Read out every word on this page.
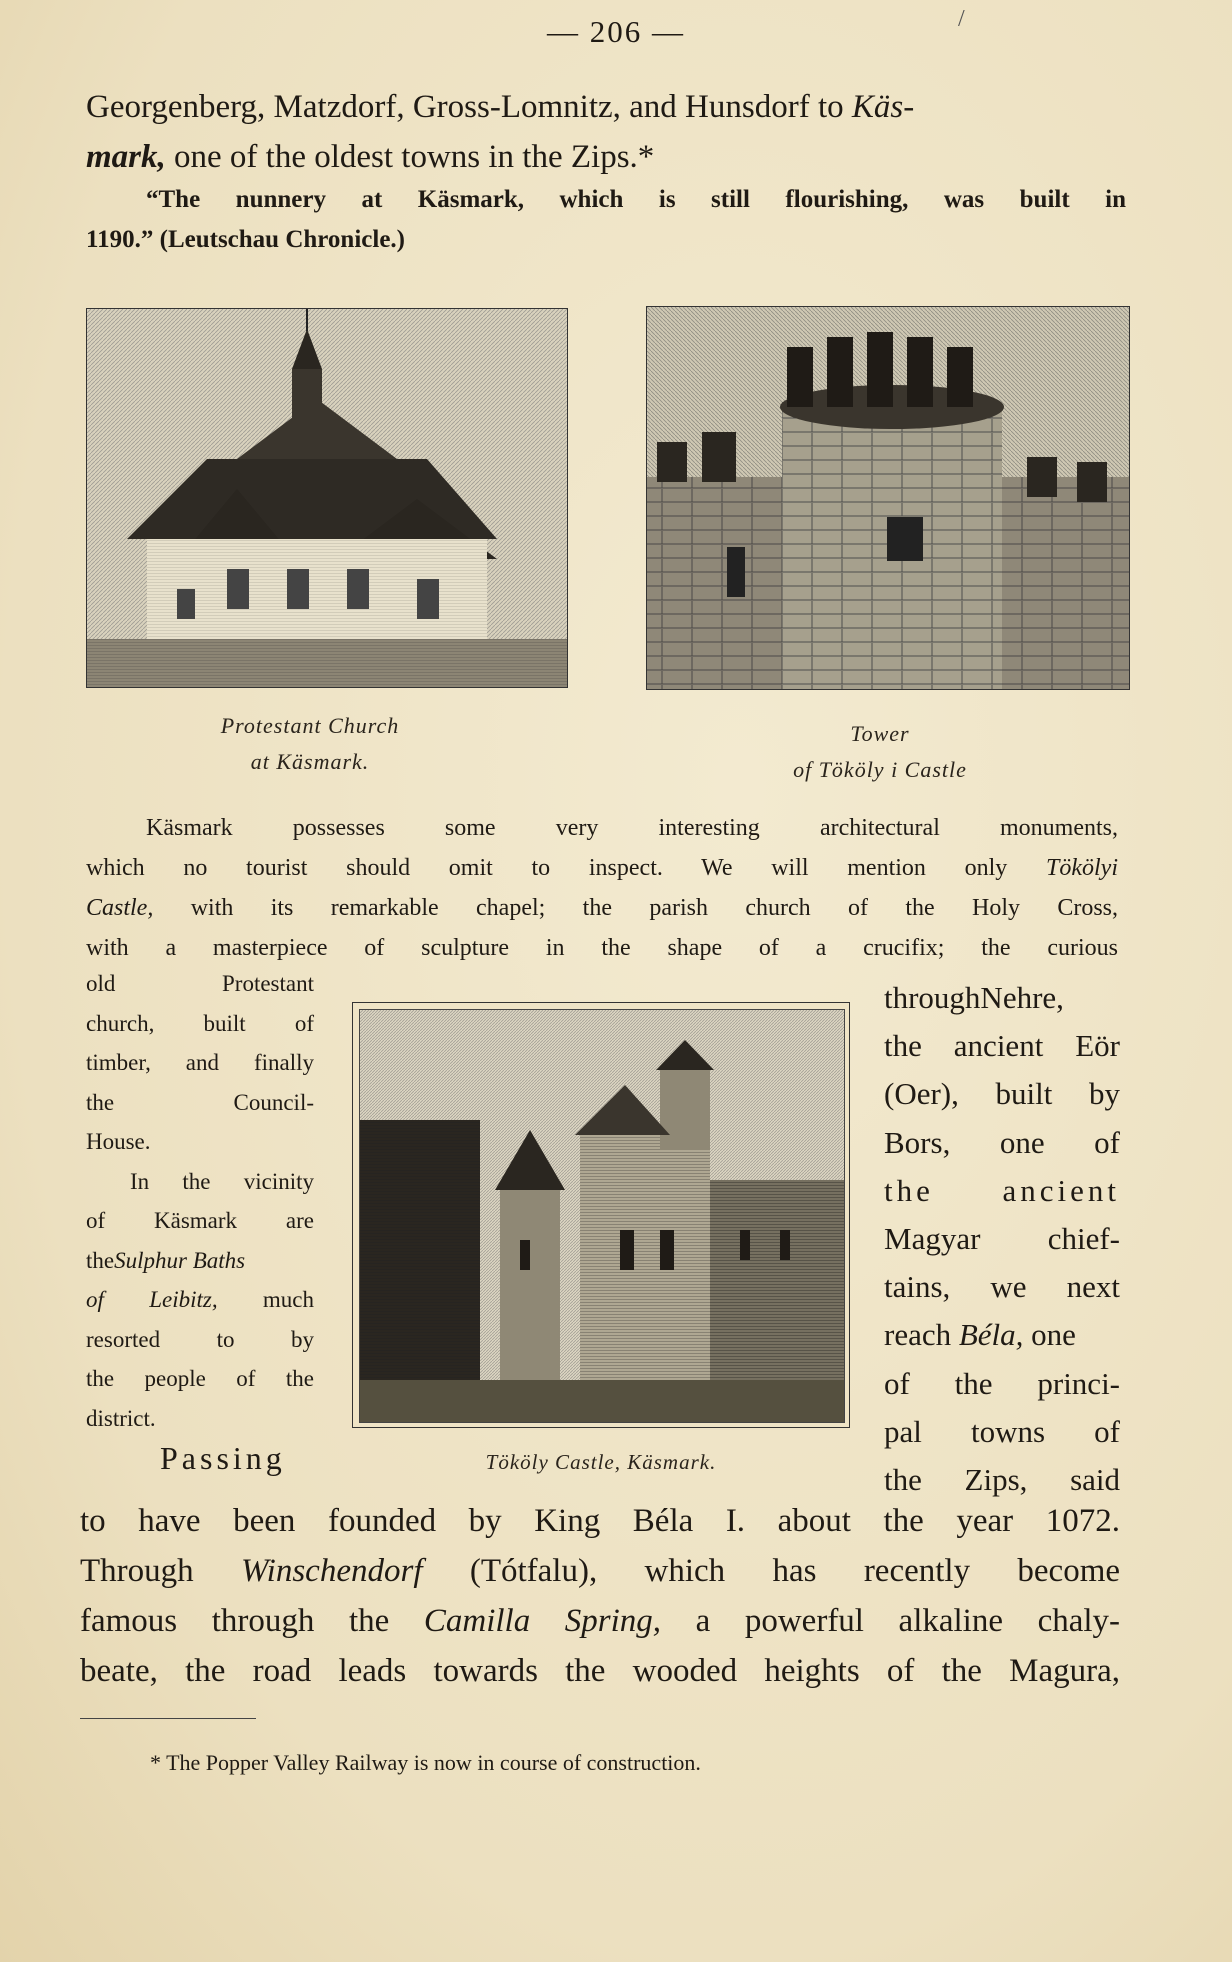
— 206 —	/
Georgenberg, Matzdorf, Gross-Lomnitz, and Hunsdorf to Käs-
mark, one of the oldest towns in the Zips.*
“The nunnery at Käsmark, which is still flourishing, was built in
1190.” (Leutschau Chronicle.)
Protestant Church
at Käsmark.
Tower
of Tököly i Castle
Käsmark possesses some very interesting architectural monuments,
which no tourist should omit to inspect. We will mention only Tökölyi
Castle, with its remarkable chapel; the parish church of the Holy Cross,
with a masterpiece of sculpture in the shape of a crucifix; the curious
old Protestant
church, built of
timber, and finally
the Council-
House.
In the vicinity
of Käsmark are
theSulphur Baths
of Leibitz, much
resorted to by
the people of the
district.
Tököly Castle, Käsmark.
throughNehre,
the ancient Eör
(Oer), built by
Bors, one of
the ancient
Magyar chief-
tains, we next
reach Béla, one
of the princi-
pal towns of
the Zips, said
Passing
to have been founded by King Béla I. about the year 1072.
Through Winschendorf (Tótfalu), which has recently become
famous through the Camilla Spring, a powerful alkaline chaly-
beate, the road leads towards the wooded heights of the Magura,
* The Popper Valley Railway is now in course of construction.
